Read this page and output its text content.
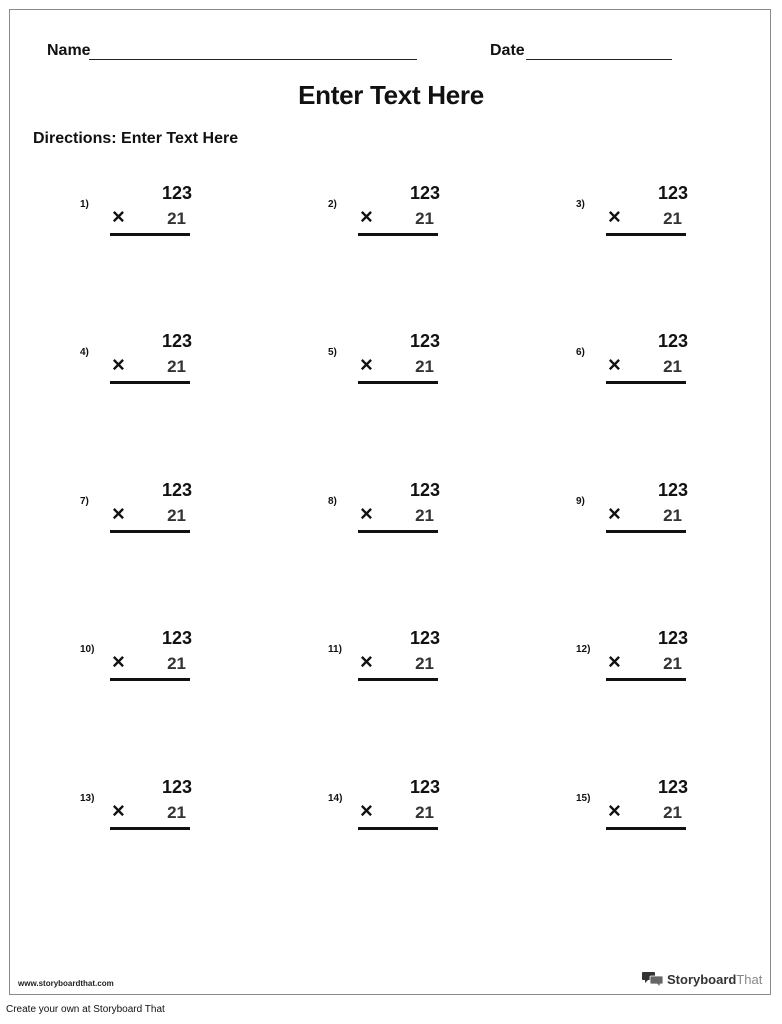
Name	Date
Enter Text Here
Directions: Enter Text Here
1)
123
×	21
2)
123
×	21
3)
123
×	21
4)
123
×	21
5)
123
×	21
6)
123
×	21
7)
123
×	21
8)
123
×	21
9)
123
×	21
10)
123
×	21
11)
123
×	21
12)
123
×	21
13)
123
×	21
14)
123
×	21
15)
123
×	21
www.storyboardthat.com	StoryboardThat
Create your own at Storyboard That
